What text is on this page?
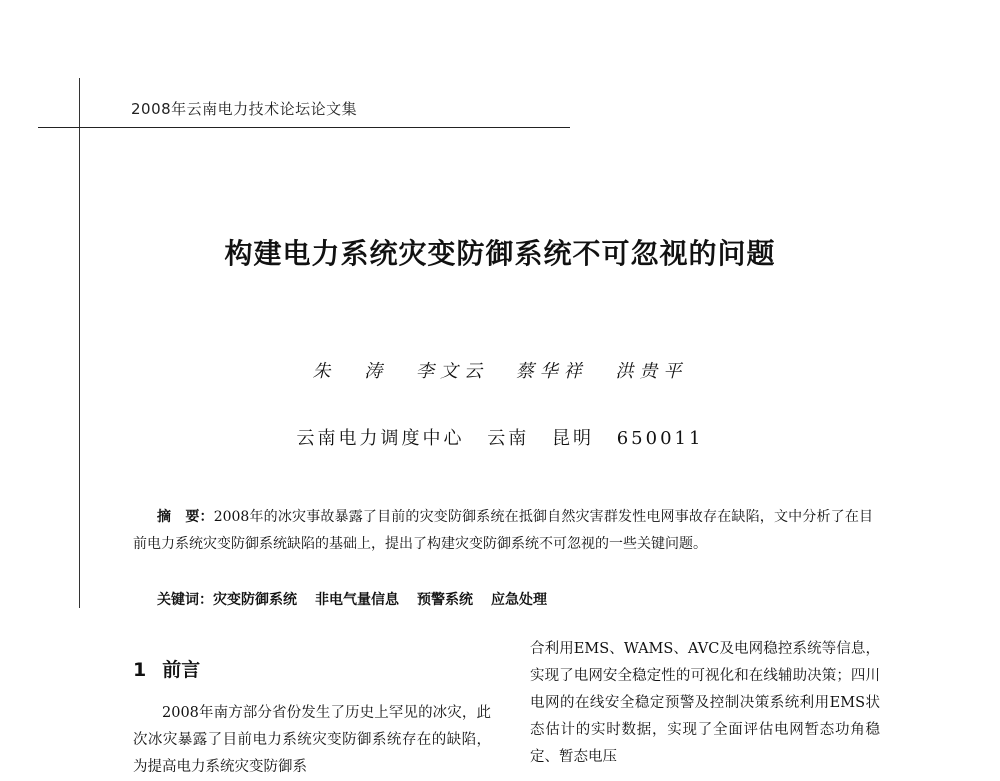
2008年云南电力技术论坛论文集
构建电力系统灾变防御系统不可忽视的问题
朱 涛 李文云 蔡华祥 洪贵平
云南电力调度中心 云南 昆明 650011
摘　要：2008年的冰灾事故暴露了目前的灾变防御系统在抵御自然灾害群发性电网事故存在缺陷，文中分析了在目前电力系统灾变防御系统缺陷的基础上，提出了构建灾变防御系统不可忽视的一些关键问题。
关键词：灾变防御系统 非电气量信息 预警系统 应急处理
1 前言

2008年南方部分省份发生了历史上罕见的冰灾，此次冰灾暴露了目前电力系统灾变防御系统存在的缺陷，为提高电力系统灾变防御系

合利用EMS、WAMS、AVC及电网稳控系统等信息，实现了电网安全稳定性的可视化和在线辅助决策；四川电网的在线安全稳定预警及控制决策系统利用EMS状态估计的实时数据，实现了全面评估电网暂态功角稳定、暂态电压
